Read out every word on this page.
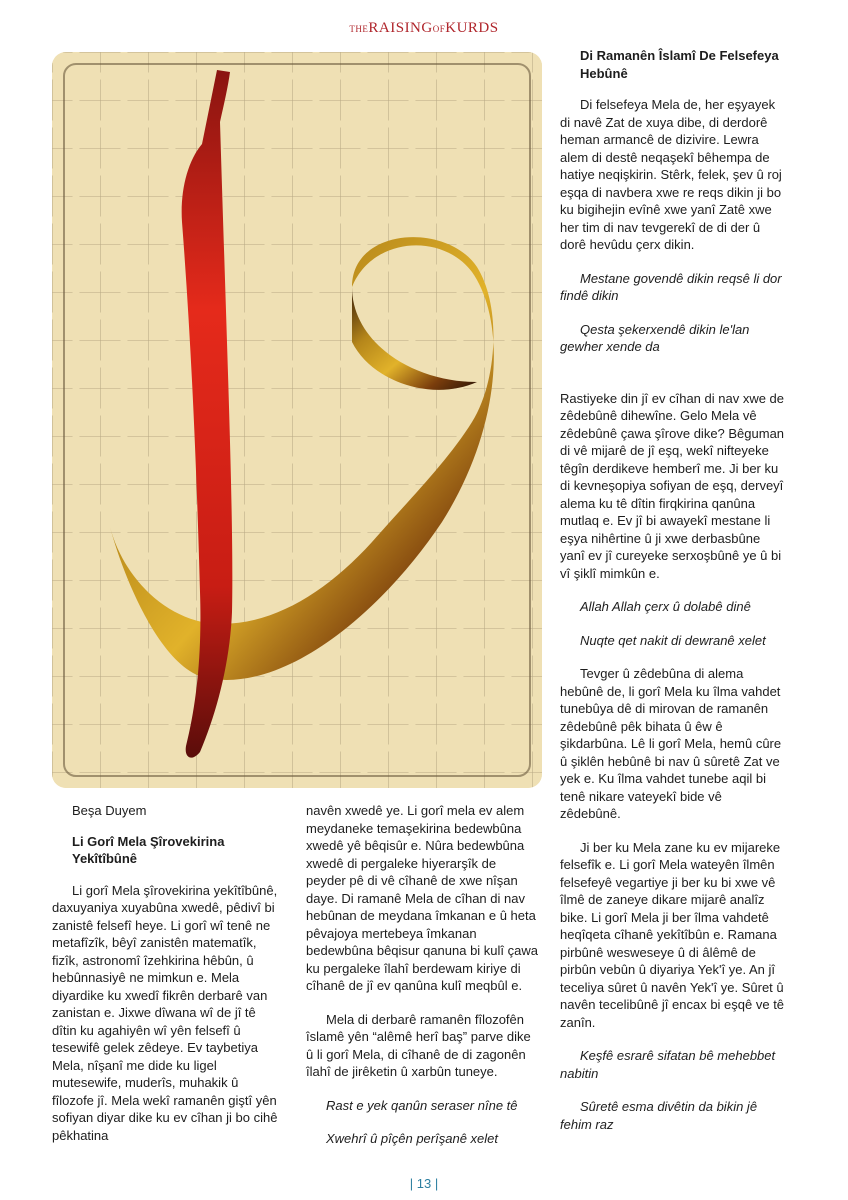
THERAISINGOFKURDS
Beşa Duyem
Li Gorî Mela Şîrovekirina Yekîtîbûnê

Li gorî Mela şîrovekirina yekîtîbûnê, daxuyaniya xuyabûna xwedê, pêdivî bi zanistê felsefî heye. Li gorî wî tenê ne metafîzîk, bêyî zanistên matematîk, fizîk, astronomî îzehkirina hêbûn, û hebûnnasiyê ne mimkun e. Mela diyardike ku xwedî fikrên derbarê van zanistan e. Jixwe dîwana wî de jî tê dîtin ku agahiyên wî yên felsefî û tesewifê gelek zêdeye. Ev taybetiya Mela, nîşanî me dide ku ligel mutesewife, muderîs, muhakik û fîlozofe jî. Mela wekî ramanên giştî yên sofiyan diyar dike ku ev cîhan ji bo cihê pêkhatina

navên xwedê ye. Li gorî mela ev alem meydaneke temaşekirina bedewbûna xwedê yê bêqisûr e. Nûra bedewbûna xwedê di pergaleke hiyerarşîk de peyder pê di vê cîhanê de xwe nîşan daye. Di ramanê Mela de cîhan di nav hebûnan de meydana îmkanan e û heta pêvajoya mertebeya îmkanan bedewbûna bêqisur qanuna bi kulî çawa ku pergaleke îlahî berdewam kiriye di cîhanê de jî ev qanûna kulî meqbûl e.

Mela di derbarê ramanên fîlozofên îslamê yên “alêmê herî baş” parve dike û li gorî Mela, di cîhanê de di zagonên îlahî de jirêketin û xarbûn tuneye.

Rast e yek qanûn seraser nîne tê

Xwehrî û pîçên perîşanê xelet

Di Ramanên Îslamî De Felsefeya Hebûnê

Di felsefeya Mela de, her eşyayek di navê Zat de xuya dibe, di derdorê heman armancê de dizivire. Lewra alem di destê neqaşekî bêhempa de hatiye neqişkirin. Stêrk, felek, şev û roj eşqa di navbera xwe re reqs dikin ji bo ku bigihejin evînê xwe yanî Zatê xwe her tim di nav tevgerekî de di der û dorê hevûdu çerx dikin.

Mestane govendê dikin reqsê li dor findê dikin

Qesta şekerxendê dikin le'lan gewher xende da

Rastiyeke din jî ev cîhan di nav xwe de zêdebûnê dihewîne. Gelo Mela vê zêdebûnê çawa şîrove dike? Bêguman di vê mijarê de jî eşq, wekî nifteyeke têgîn derdikeve hemberî me. Ji ber ku di kevneşopiya sofiyan de eşq, derveyî alema ku tê dîtin firqkirina qanûna mutlaq e. Ev jî bi awayekî mestane li eşya nihêrtine û ji xwe derbasbûne yanî ev jî cureyeke serxoşbûnê ye û bi vî şiklî mimkûn e.

Allah Allah çerx û dolabê dinê

Nuqte qet nakit di dewranê xelet

Tevger û zêdebûna di alema hebûnê de, li gorî Mela ku îlma vahdet tunebûya dê di mirovan de ramanên zêdebûnê pêk bihata û êw ê şikdarbûna. Lê li gorî Mela, hemû cûre û şiklên hebûnê bi nav û sûretê Zat ve yek e. Ku îlma vahdet tunebe aqil bi tenê nikare vateyekî bide vê zêdebûnê.

Ji ber ku Mela zane ku ev mijareke felsefîk e. Li gorî Mela wateyên îlmên felsefeyê vegartiye ji ber ku bi xwe vê îlmê de zaneye dikare mijarê analîz bike. Li gorî Mela ji ber îlma vahdetê heqîqeta cîhanê yekîtîbûn e. Ramana pirbûnê wesweseye û di âlêmê de pirbûn vebûn û diyariya Yek'î ye. An jî teceliya sûret û navên Yek'î ye. Sûret û navên tecelibûnê jî encax bi eşqê ve tê zanîn.

Keşfê esrarê sifatan bê mehebbet nabitin

Sûretê esma divêtin da bikin jê fehim raz

| 13 |
